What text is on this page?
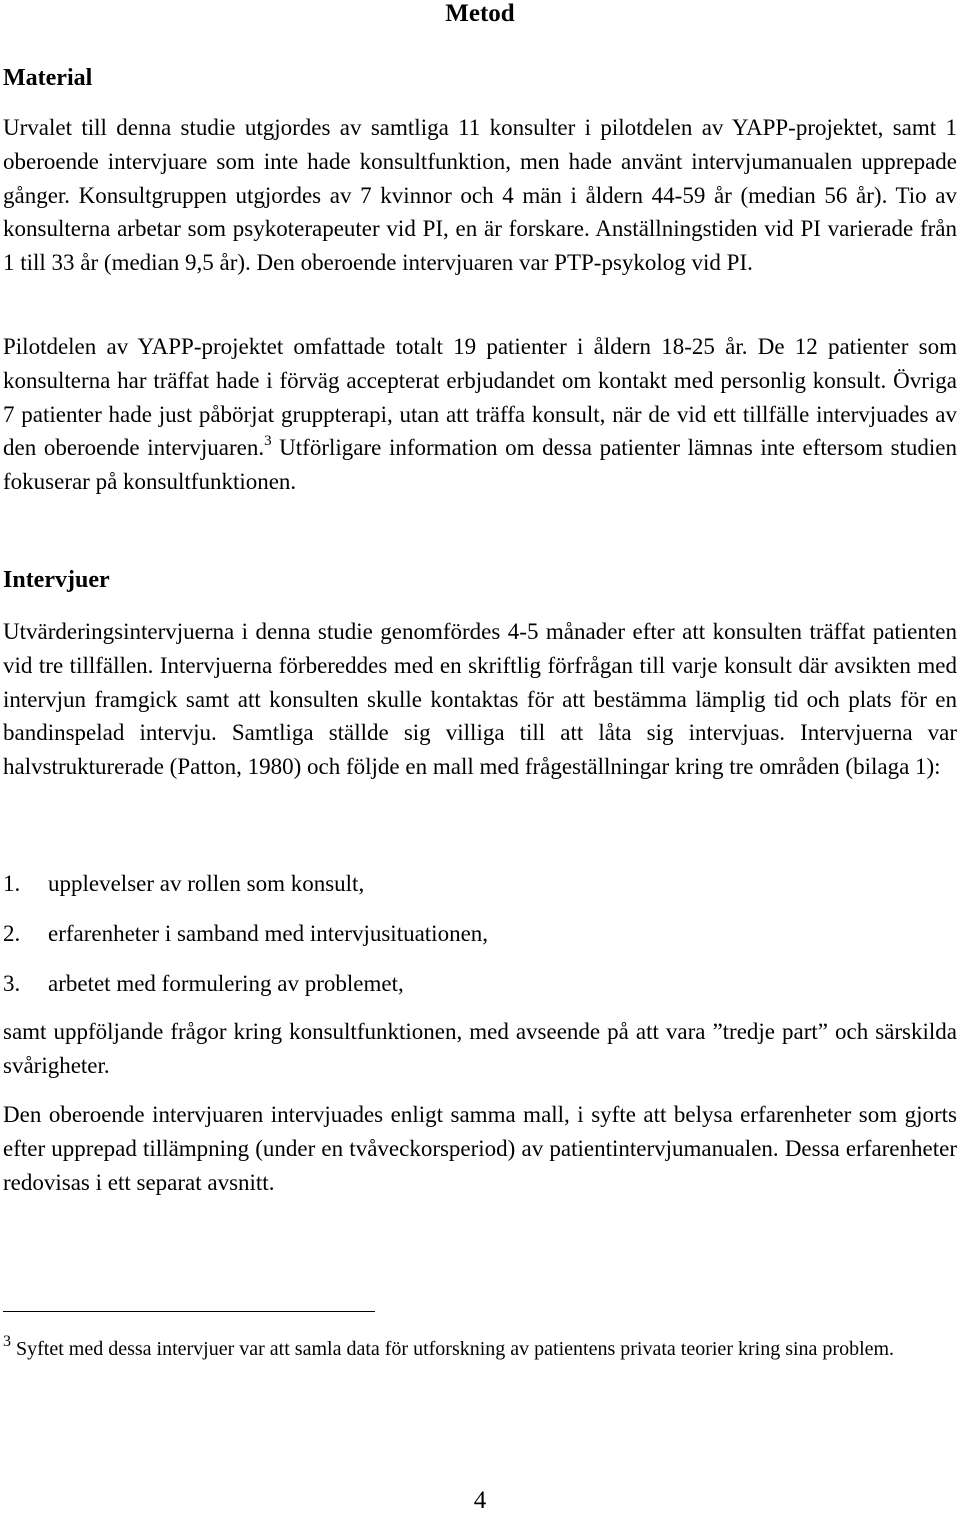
Metod
Material

Urvalet till denna studie utgjordes av samtliga 11 konsulter i pilotdelen av YAPP-projektet, samt 1 oberoende intervjuare som inte hade konsultfunktion, men hade använt intervjumanualen upprepade gånger. Konsultgruppen utgjordes av 7 kvinnor och 4 män i åldern 44-59 år (median 56 år). Tio av konsulterna arbetar som psykoterapeuter vid PI, en är forskare. Anställningstiden vid PI varierade från 1 till 33 år (median 9,5 år). Den oberoende intervjuaren var PTP-psykolog vid PI.

Pilotdelen av YAPP-projektet omfattade totalt 19 patienter i åldern 18-25 år. De 12 patienter som konsulterna har träffat hade i förväg accepterat erbjudandet om kontakt med personlig konsult. Övriga 7 patienter hade just påbörjat gruppterapi, utan att träffa konsult, när de vid ett tillfälle intervjuades av den oberoende intervjuaren.$^3$ Utförligare information om dessa patienter lämnas inte eftersom studien fokuserar på konsultfunktionen.

Intervjuer

Utvärderingsintervjuerna i denna studie genomfördes 4-5 månader efter att konsulten träffat patienten vid tre tillfällen. Intervjuerna förbereddes med en skriftlig förfrågan till varje konsult där avsikten med intervjun framgick samt att konsulten skulle kontaktas för att bestämma lämplig tid och plats för en bandinspelad intervju. Samtliga ställde sig villiga till att låta sig intervjuas. Intervjuerna var halvstrukturerade (Patton, 1980) och följde en mall med frågeställningar kring tre områden (bilaga 1):

1. upplevelser av rollen som konsult,
2. erfarenheter i samband med intervjusituationen,
3. arbetet med formulering av problemet,

samt uppföljande frågor kring konsultfunktionen, med avseende på att vara ”tredje part” och särskilda svårigheter.

Den oberoende intervjuaren intervjuades enligt samma mall, i syfte att belysa erfarenheter som gjorts efter upprepad tillämpning (under en tvåveckorsperiod) av patientintervjumanualen. Dessa erfarenheter redovisas i ett separat avsnitt.

$^3$ Syftet med dessa intervjuer var att samla data för utforskning av patientens privata teorier kring sina problem.

4
